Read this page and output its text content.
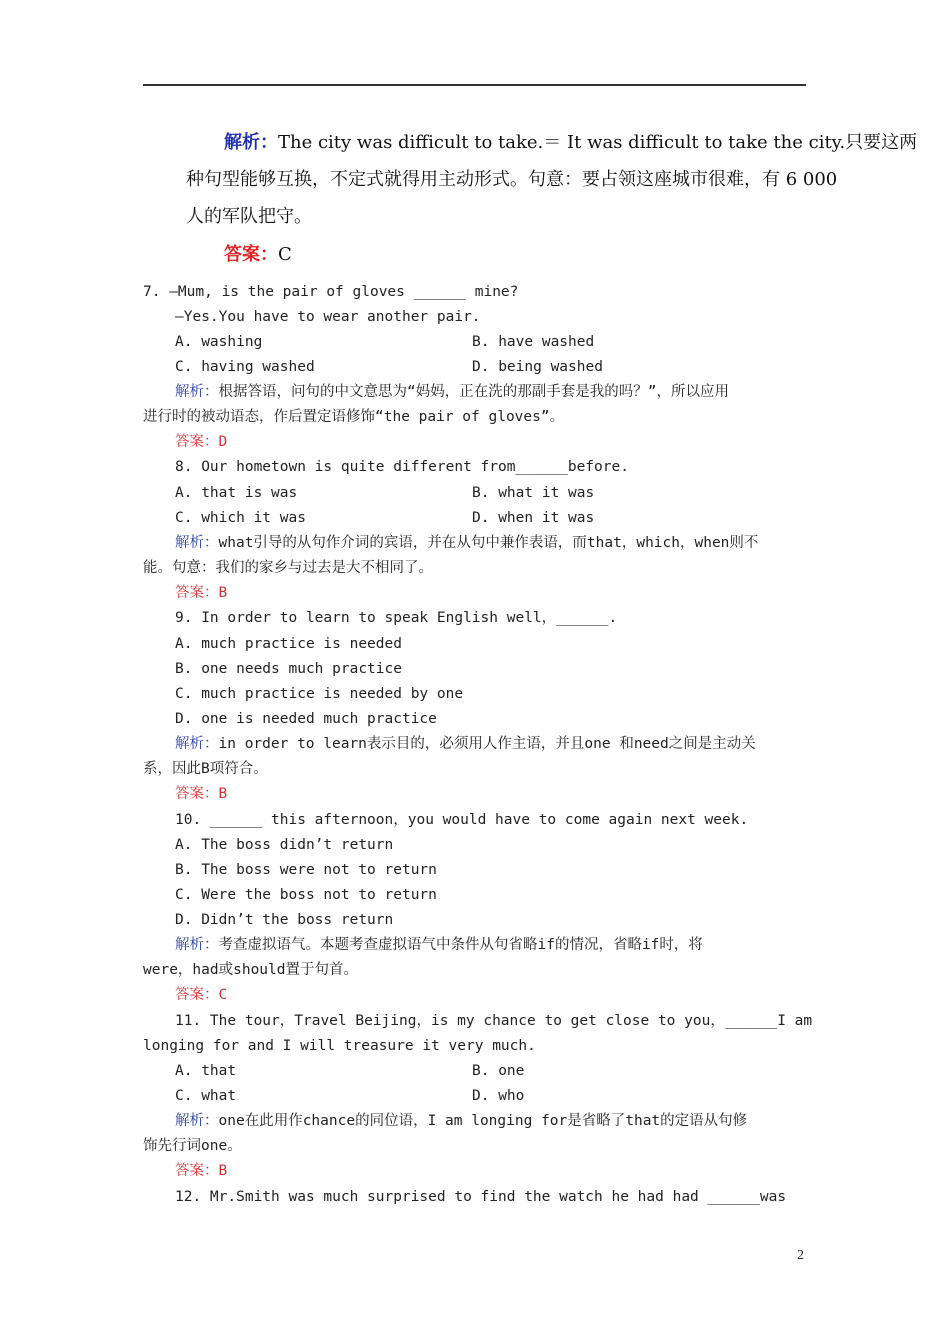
解析：The city was difficult to take.＝ It was difficult to take the city.只要这两
种句型能够互换，不定式就得用主动形式。句意：要占领这座城市很难，有 6 000
人的军队把守。
答案：C
7. —Mum, is the pair of gloves ______ mine?
—Yes.You have to wear another pair.
A. washing	B. have washed
C. having washed	D. being washed
解析：根据答语，问句的中文意思为“妈妈，正在洗的那副手套是我的吗？”，所以应用
进行时的被动语态，作后置定语修饰“the pair of gloves”。
答案：D
8. Our hometown is quite different from______before.
A. that is was	B. what it was
C. which it was	D. when it was
解析：what引导的从句作介词的宾语，并在从句中兼作表语，而that，which，when则不
能。句意：我们的家乡与过去是大不相同了。
答案：B
9. In order to learn to speak English well，______.
A. much practice is needed
B. one needs much practice
C. much practice is needed by one
D. one is needed much practice
解析：in order to learn表示目的，必须用人作主语，并且one 和need之间是主动关
系，因此B项符合。
答案：B
10. ______ this afternoon，you would have to come again next week.
A. The boss didn’t return
B. The boss were not to return
C. Were the boss not to return
D. Didn’t the boss return
解析：考查虚拟语气。本题考查虚拟语气中条件从句省略if的情况，省略if时，将
were，had或should置于句首。
答案：C
11. The tour，Travel Beijing，is my chance to get close to you，______I am
longing for and I will treasure it very much.
A. that	B. one
C. what	D. who
解析：one在此用作chance的同位语，I am longing for是省略了that的定语从句修
饰先行词one。
答案：B
12. Mr.Smith was much surprised to find the watch he had had ______was
2
